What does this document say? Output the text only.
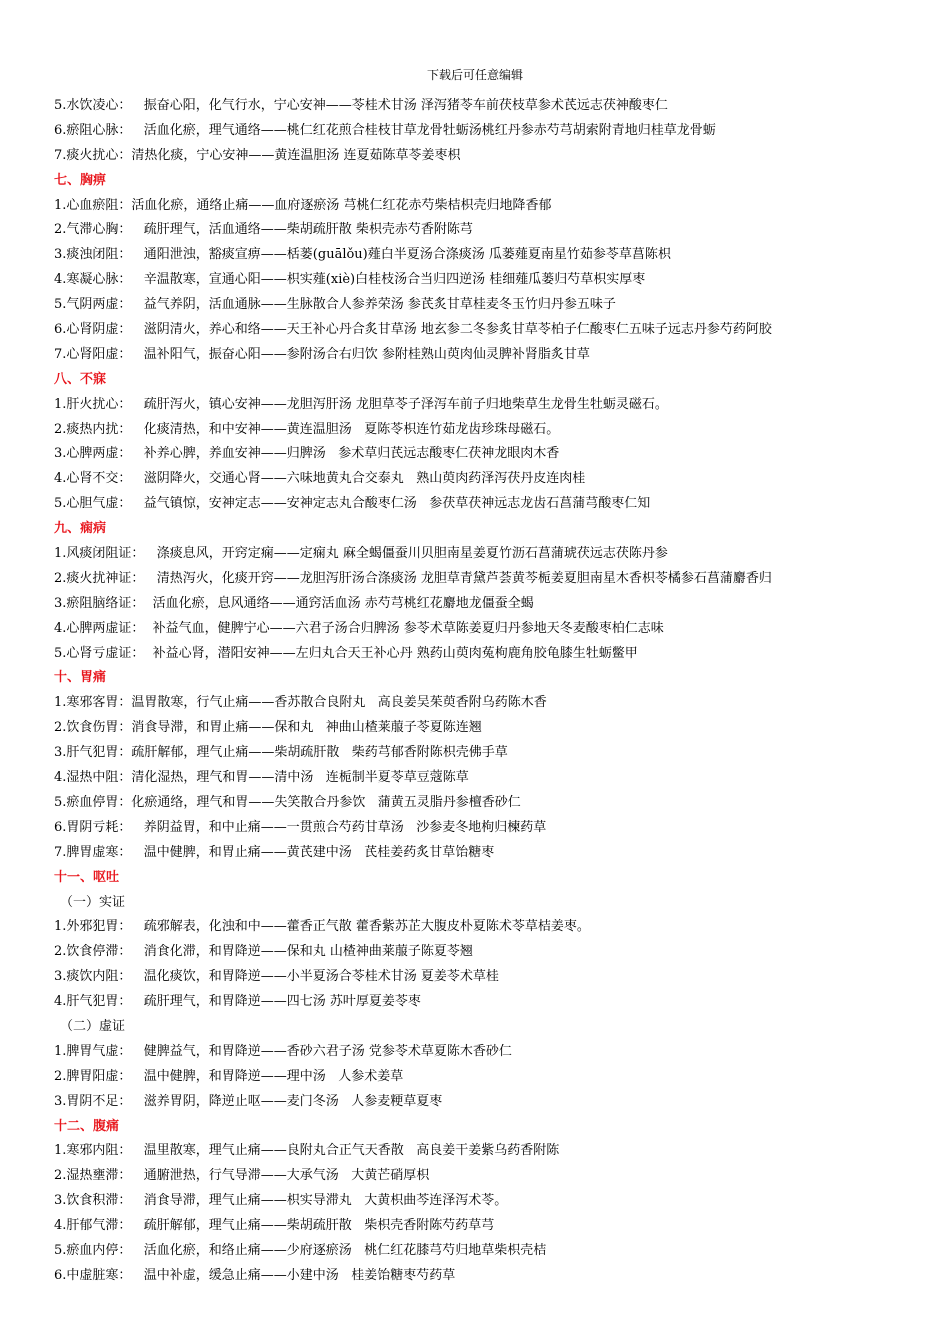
下载后可任意编辑
5.水饮凌心：   振奋心阳，化气行水，宁心安神——苓桂术甘汤 泽泻猪苓车前茯枝草参术芪远志茯神酸枣仁
6.瘀阻心脉：   活血化瘀，理气通络——桃仁红花煎合桂枝甘草龙骨牡蛎汤桃红丹参赤芍芎胡索附青地归桂草龙骨蛎
7.痰火扰心：清热化痰，宁心安神——黄连温胆汤 连夏茹陈草苓姜枣枳
七、胸痹
1.心血瘀阻：活血化瘀，通络止痛——血府逐瘀汤 芎桃仁红花赤芍柴桔枳壳归地降香郁
2.气滞心胸：   疏肝理气，活血通络——柴胡疏肝散 柴枳壳赤芍香附陈芎
3.痰浊闭阻：   通阳泄浊，豁痰宣痹——栝蒌(guālǒu)薤白半夏汤合涤痰汤 瓜蒌薤夏南星竹茹参苓草菖陈枳
4.寒凝心脉：   辛温散寒，宣通心阳——枳实薤(xiè)白桂枝汤合当归四逆汤 桂细薤瓜蒌归芍草枳实厚枣
5.气阴两虚：   益气养阴，活血通脉——生脉散合人参养荣汤 参芪炙甘草桂麦冬玉竹归丹参五味子
6.心肾阴虚：   滋阴清火，养心和络——天王补心丹合炙甘草汤 地玄参二冬参炙甘草苓柏子仁酸枣仁五味子远志丹参芍药阿胶
7.心肾阳虚：   温补阳气，振奋心阳——参附汤合右归饮 参附桂熟山萸肉仙灵脾补肾脂炙甘草
八、不寐
1.肝火扰心：   疏肝泻火，镇心安神——龙胆泻肝汤 龙胆草苓子泽泻车前子归地柴草生龙骨生牡蛎灵磁石。
2.痰热内扰：   化痰清热，和中安神——黄连温胆汤   夏陈苓枳连竹茹龙齿珍珠母磁石。
3.心脾两虚：   补养心脾，养血安神——归脾汤   参术草归芪远志酸枣仁茯神龙眼肉木香
4.心肾不交：   滋阴降火，交通心肾——六味地黄丸合交泰丸   熟山萸肉药泽泻茯丹皮连肉桂
5.心胆气虚：   益气镇惊，安神定志——安神定志丸合酸枣仁汤   参茯草茯神远志龙齿石菖蒲芎酸枣仁知
九、痫病
1.风痰闭阻证：   涤痰息风，开窍定痫——定痫丸 麻全蝎僵蚕川贝胆南星姜夏竹沥石菖蒲琥茯远志茯陈丹参
2.痰火扰神证：   清热泻火，化痰开窍——龙胆泻肝汤合涤痰汤 龙胆草青黛芦荟黄芩栀姜夏胆南星木香枳苓橘参石菖蒲麝香归
3.瘀阻脑络证：  活血化瘀，息风通络——通窍活血汤 赤芍芎桃红花麝地龙僵蚕全蝎
4.心脾两虚证：  补益气血，健脾宁心——六君子汤合归脾汤 参苓术草陈姜夏归丹参地天冬麦酸枣柏仁志味
5.心肾亏虚证：  补益心肾，潜阳安神——左归丸合天王补心丹 熟药山萸肉菟枸鹿角胶龟膝生牡蛎鳖甲
十、胃痛
1.寒邪客胃：温胃散寒，行气止痛——香苏散合良附丸   高良姜吴茱萸香附乌药陈木香
2.饮食伤胃：消食导滞，和胃止痛——保和丸   神曲山楂莱菔子苓夏陈连翘
3.肝气犯胃：疏肝解郁，理气止痛——柴胡疏肝散   柴药芎郁香附陈枳壳佛手草
4.湿热中阻：清化湿热，理气和胃——清中汤   连栀制半夏苓草豆蔻陈草
5.瘀血停胃：化瘀通络，理气和胃——失笑散合丹参饮   蒲黄五灵脂丹参檀香砂仁
6.胃阴亏耗：   养阴益胃，和中止痛——一贯煎合芍药甘草汤   沙参麦冬地枸归楝药草
7.脾胃虚寒：   温中健脾，和胃止痛——黄芪建中汤   芪桂姜药炙甘草饴糖枣
十一、呕吐
（一）实证
1.外邪犯胃：   疏邪解表，化浊和中——藿香正气散 藿香紫苏芷大腹皮朴夏陈术苓草桔姜枣。
2.饮食停滞：   消食化滞，和胃降逆——保和丸 山楂神曲莱菔子陈夏苓翘
3.痰饮内阻：   温化痰饮，和胃降逆——小半夏汤合苓桂术甘汤 夏姜苓术草桂
4.肝气犯胃：   疏肝理气，和胃降逆——四七汤 苏叶厚夏姜苓枣
（二）虚证
1.脾胃气虚：   健脾益气，和胃降逆——香砂六君子汤 党参苓术草夏陈木香砂仁
2.脾胃阳虚：   温中健脾，和胃降逆——理中汤   人参术姜草
3.胃阴不足：   滋养胃阴，降逆止呕——麦门冬汤   人参麦粳草夏枣
十二、腹痛
1.寒邪内阻：   温里散寒，理气止痛——良附丸合正气天香散   高良姜干姜紫乌药香附陈
2.湿热壅滞：   通腑泄热，行气导滞——大承气汤   大黄芒硝厚枳
3.饮食积滞：   消食导滞，理气止痛——枳实导滞丸   大黄枳曲芩连泽泻术苓。
4.肝郁气滞：   疏肝解郁，理气止痛——柴胡疏肝散   柴枳壳香附陈芍药草芎
5.瘀血内停：   活血化瘀，和络止痛——少府逐瘀汤   桃仁红花膝芎芍归地草柴枳壳桔
6.中虚脏寒：   温中补虚，缓急止痛——小建中汤   桂姜饴糖枣芍药草
